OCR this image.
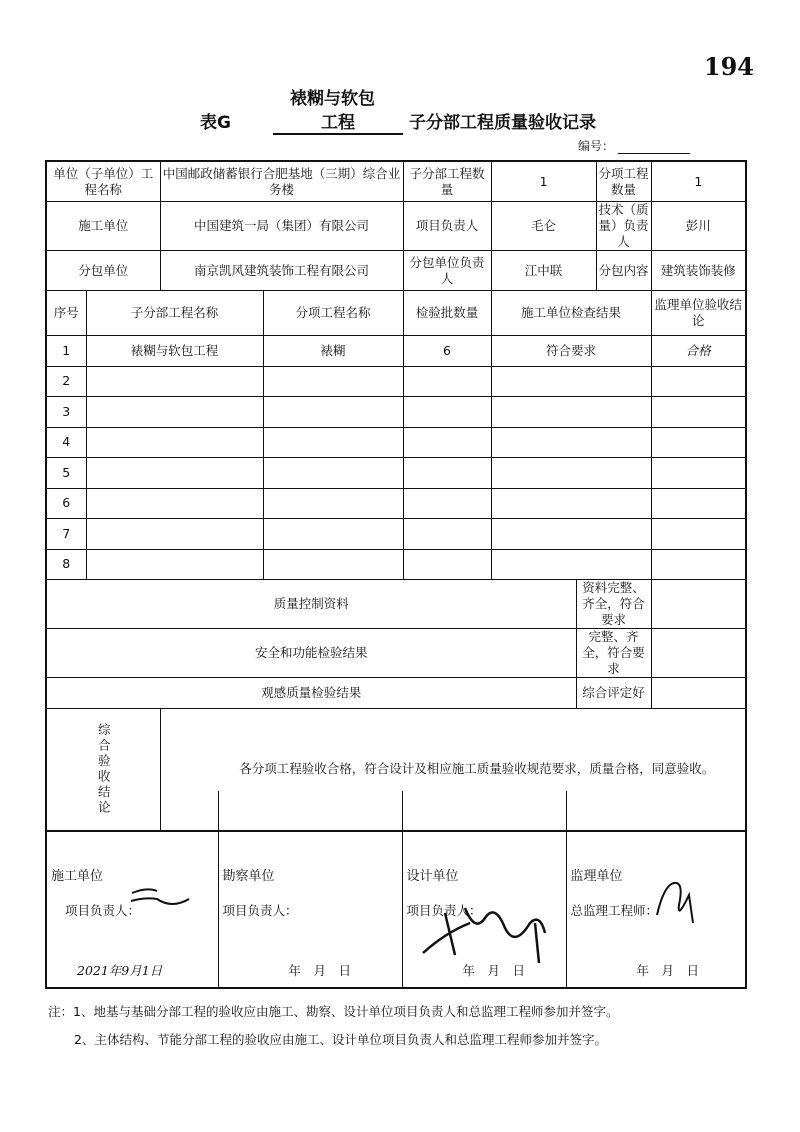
194
裱糊与软包
表G	工程	子分部工程质量验收记录
编号：
单位（子单位）工程名称		中国邮政储蓄银行合肥基地（三期）综合业务楼		子分部工程数量	1		分项工程数量	1
施工单位		中国建筑一局（集团）有限公司		项目负责人	毛仑		技术（质量）负责人	彭川
分包单位		南京凯风建筑装饰工程有限公司		分包单位负责人	江中联		分包内容	建筑装饰装修
序号	子分部工程名称		分项工程名称	检验批数量	施工单位检查结果			监理单位验收结论
1	裱糊与软包工程		裱糊	6	符合要求			合格
2								
3								
4								
5								
6								
7								
8								
质量控制资料						资料完整、齐全，符合要求		
安全和功能检验结果						完整、齐全，符合要求		
观感质量检验结果						综合评定好		

综合验收结论		各分项工程验收合格，符合设计及相应施工质量验收规范要求，质量合格，同意验收。						
施工单位
项目负责人：
2021年9月1日

勘察单位
项目负责人：
年　月　日

设计单位
项目负责人：
年　月　日

监理单位
总监理工程师：
年　月　日
注：1、地基与基础分部工程的验收应由施工、勘察、设计单位项目负责人和总监理工程师参加并签字。
2、主体结构、节能分部工程的验收应由施工、设计单位项目负责人和总监理工程师参加并签字。
